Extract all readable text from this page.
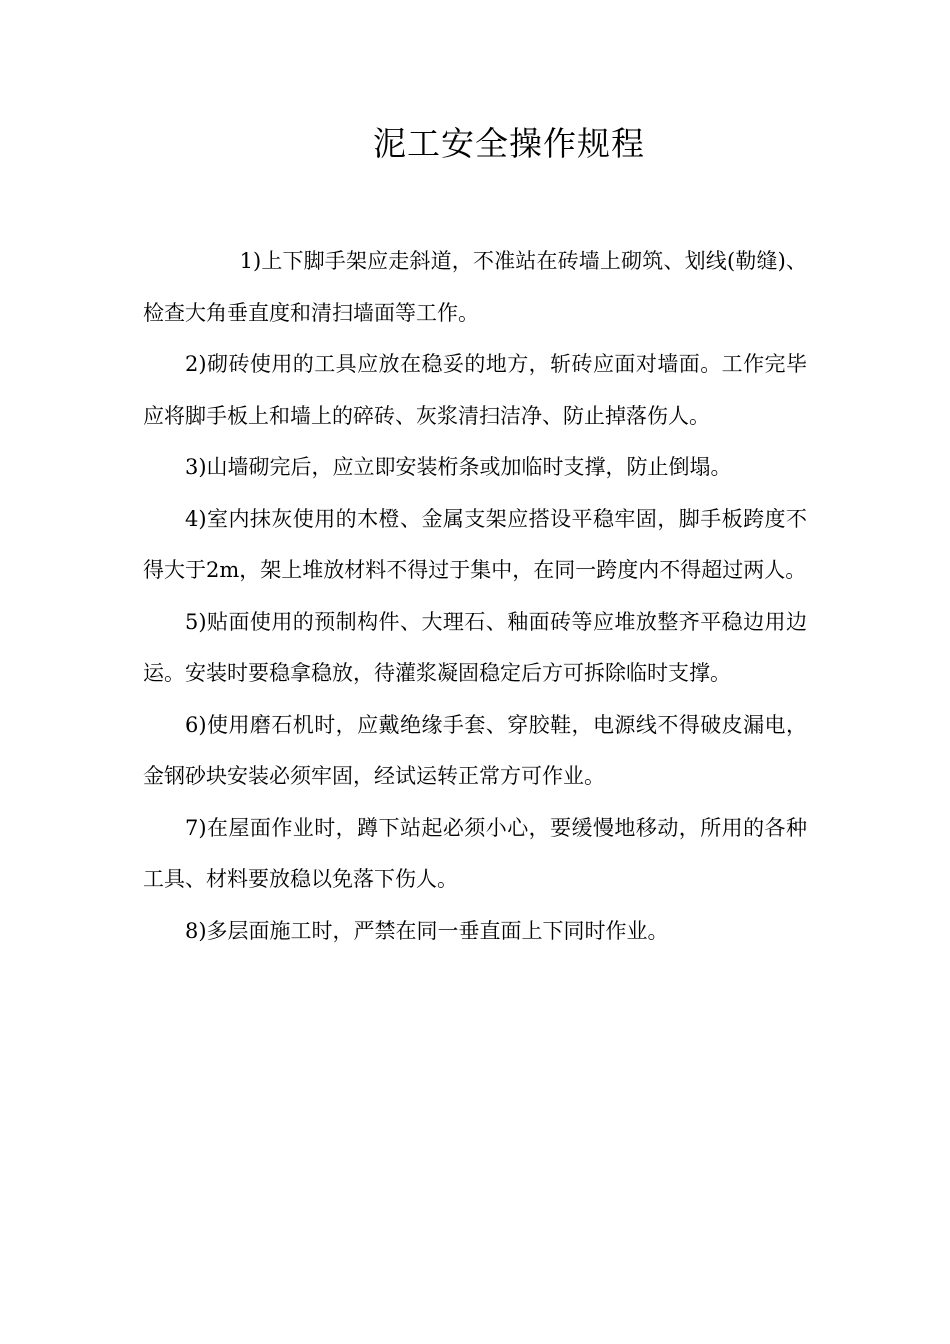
泥工安全操作规程

1)上下脚手架应走斜道，不准站在砖墙上砌筑、划线(勒缝)、检查大角垂直度和清扫墙面等工作。

2)砌砖使用的工具应放在稳妥的地方，斩砖应面对墙面。工作完毕应将脚手板上和墙上的碎砖、灰浆清扫洁净、防止掉落伤人。

3)山墙砌完后，应立即安装桁条或加临时支撑，防止倒塌。

4)室内抹灰使用的木橙、金属支架应搭设平稳牢固，脚手板跨度不得大于2m，架上堆放材料不得过于集中，在同一跨度内不得超过两人。

5)贴面使用的预制构件、大理石、釉面砖等应堆放整齐平稳边用边运。安装时要稳拿稳放，待灌浆凝固稳定后方可拆除临时支撑。

6)使用磨石机时，应戴绝缘手套、穿胶鞋，电源线不得破皮漏电，金钢砂块安装必须牢固，经试运转正常方可作业。

7)在屋面作业时，蹲下站起必须小心，要缓慢地移动，所用的各种工具、材料要放稳以免落下伤人。

8)多层面施工时，严禁在同一垂直面上下同时作业。
